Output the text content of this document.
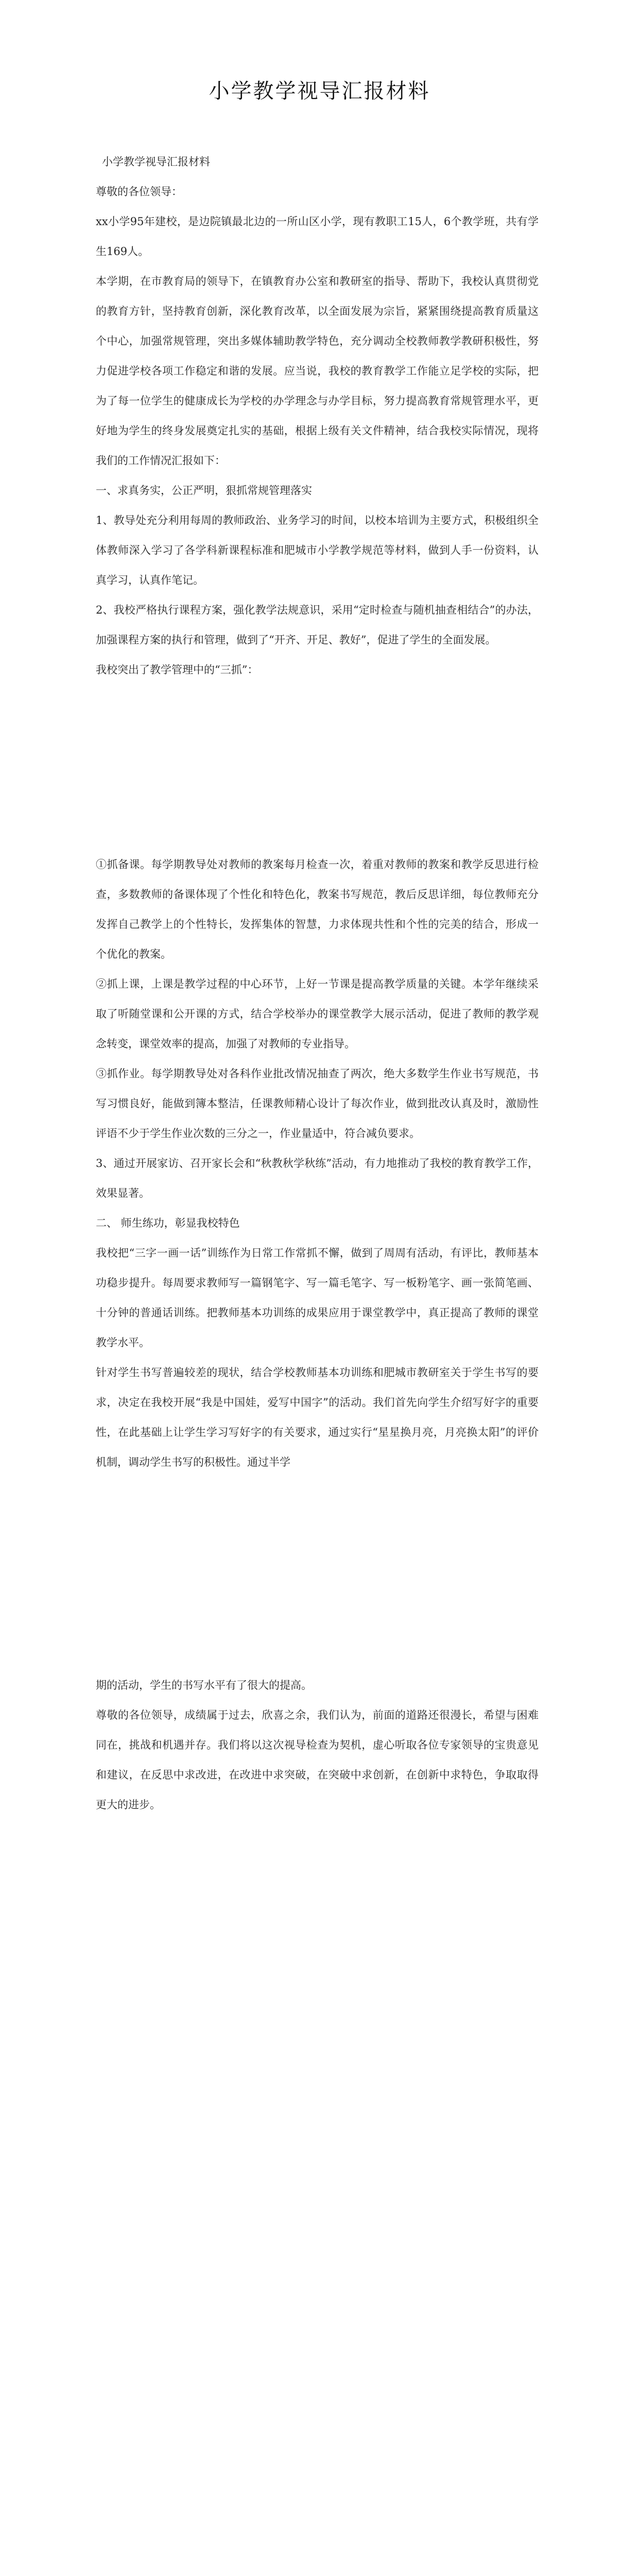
小学教学视导汇报材料

小学教学视导汇报材料

尊敬的各位领导：

xx小学95年建校，是边院镇最北边的一所山区小学，现有教职工15人，6个教学班，共有学生169人。

本学期，在市教育局的领导下，在镇教育办公室和教研室的指导、帮助下，我校认真贯彻党的教育方针，坚持教育创新，深化教育改革，以全面发展为宗旨，紧紧围绕提高教育质量这个中心，加强常规管理，突出多媒体辅助教学特色，充分调动全校教师教学教研积极性，努力促进学校各项工作稳定和谐的发展。应当说，我校的教育教学工作能立足学校的实际，把为了每一位学生的健康成长为学校的办学理念与办学目标，努力提高教育常规管理水平，更好地为学生的终身发展奠定扎实的基础，根据上级有关文件精神，结合我校实际情况，现将我们的工作情况汇报如下：

一、求真务实，公正严明，狠抓常规管理落实

1、教导处充分利用每周的教师政治、业务学习的时间，以校本培训为主要方式，积极组织全体教师深入学习了各学科新课程标准和肥城市小学教学规范等材料，做到人手一份资料，认真学习，认真作笔记。

2、我校严格执行课程方案，强化教学法规意识，采用“定时检查与随机抽查相结合”的办法，加强课程方案的执行和管理，做到了“开齐、开足、教好”，促进了学生的全面发展。

我校突出了教学管理中的“三抓”：

①抓备课。每学期教导处对教师的教案每月检查一次，着重对教师的教案和教学反思进行检查，多数教师的备课体现了个性化和特色化，教案书写规范，教后反思详细，每位教师充分发挥自己教学上的个性特长，发挥集体的智慧，力求体现共性和个性的完美的结合，形成一个优化的教案。

②抓上课，上课是教学过程的中心环节，上好一节课是提高教学质量的关键。本学年继续采取了听随堂课和公开课的方式，结合学校举办的课堂教学大展示活动，促进了教师的教学观念转变，课堂效率的提高，加强了对教师的专业指导。

③抓作业。每学期教导处对各科作业批改情况抽查了两次，绝大多数学生作业书写规范，书写习惯良好，能做到簿本整洁，任课教师精心设计了每次作业，做到批改认真及时，激励性评语不少于学生作业次数的三分之一，作业量适中，符合减负要求。

3、通过开展家访、召开家长会和“秋教秋学秋练”活动，有力地推动了我校的教育教学工作，效果显著。

二、 师生练功，彰显我校特色

我校把“三字一画一话”训练作为日常工作常抓不懈，做到了周周有活动，有评比，教师基本功稳步提升。每周要求教师写一篇钢笔字、写一篇毛笔字、写一板粉笔字、画一张简笔画、十分钟的普通话训练。把教师基本功训练的成果应用于课堂教学中，真正提高了教师的课堂教学水平。

针对学生书写普遍较差的现状，结合学校教师基本功训练和肥城市教研室关于学生书写的要求，决定在我校开展“我是中国娃，爱写中国字”的活动。我们首先向学生介绍写好字的重要性，在此基础上让学生学习写好字的有关要求，通过实行“星星换月亮，月亮换太阳”的评价机制，调动学生书写的积极性。通过半学

期的活动，学生的书写水平有了很大的提高。

尊敬的各位领导，成绩属于过去，欣喜之余，我们认为，前面的道路还很漫长，希望与困难同在，挑战和机遇并存。我们将以这次视导检查为契机，虚心听取各位专家领导的宝贵意见和建议，在反思中求改进，在改进中求突破，在突破中求创新，在创新中求特色，争取取得更大的进步。
